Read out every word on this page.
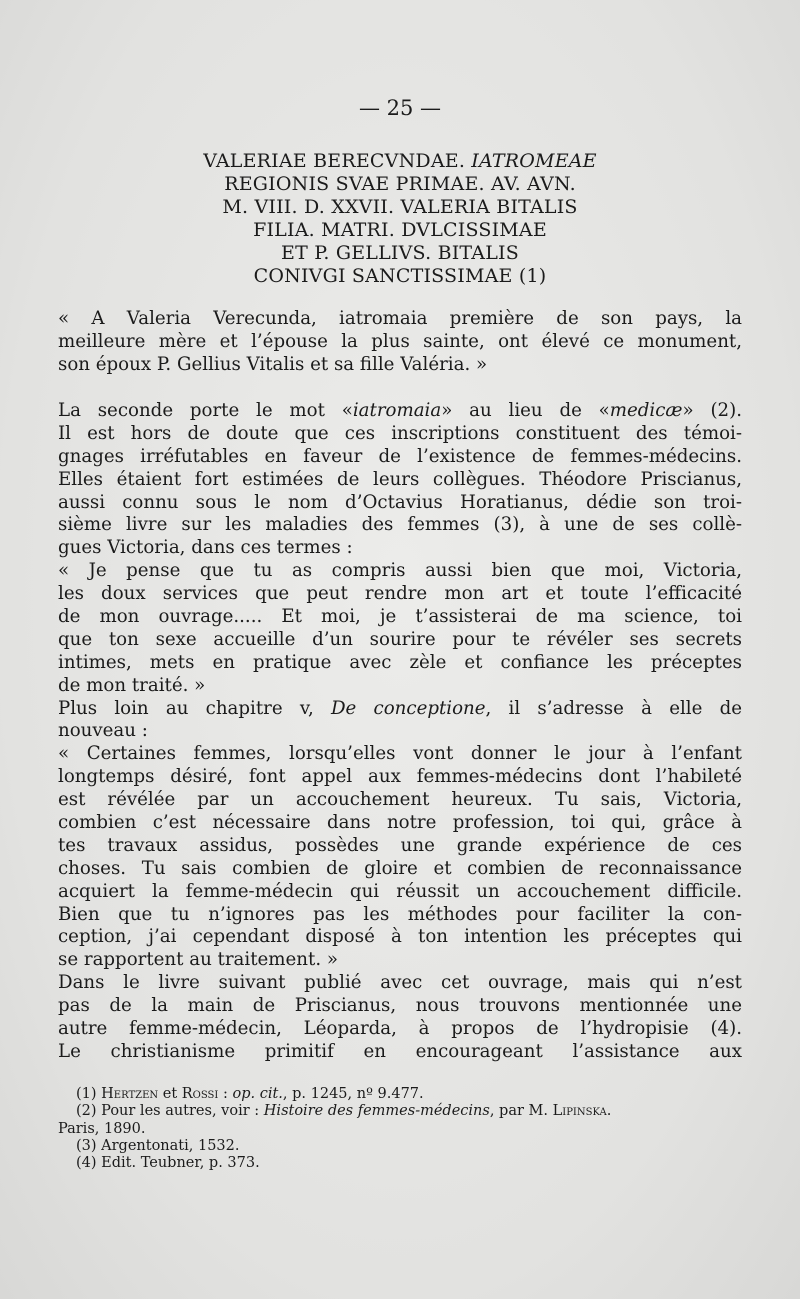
— 25 —
VALERIAE BERECVNDAE. IATROMEAE
REGIONIS SVAE PRIMAE. AV. AVN.
M. VIII. D. XXVII. VALERIA BITALIS
FILIA. MATRI. DVLCISSIMAE
ET P. GELLIVS. BITALIS
CONIVGI SANCTISSIMAE (1)
« A Valeria Verecunda, iatromaia première de son pays, la
meilleure mère et l’épouse la plus sainte, ont élevé ce monument,
son époux P. Gellius Vitalis et sa fille Valéria. »
La seconde porte le mot «iatromaia» au lieu de «medicæ» (2).
Il est hors de doute que ces inscriptions constituent des témoi-
gnages irréfutables en faveur de l’existence de femmes-médecins.
Elles étaient fort estimées de leurs collègues. Théodore Priscianus,
aussi connu sous le nom d’Octavius Horatianus, dédie son troi-
sième livre sur les maladies des femmes (3), à une de ses collè-
gues Victoria, dans ces termes :
« Je pense que tu as compris aussi bien que moi, Victoria,
les doux services que peut rendre mon art et toute l’efficacité
de mon ouvrage..... Et moi, je t’assisterai de ma science, toi
que ton sexe accueille d’un sourire pour te révéler ses secrets
intimes, mets en pratique avec zèle et confiance les préceptes
de mon traité. »
Plus loin au chapitre v, De conceptione, il s’adresse à elle de
nouveau :
« Certaines femmes, lorsqu’elles vont donner le jour à l’enfant
longtemps désiré, font appel aux femmes-médecins dont l’habileté
est révélée par un accouchement heureux. Tu sais, Victoria,
combien c’est nécessaire dans notre profession, toi qui, grâce à
tes travaux assidus, possèdes une grande expérience de ces
choses. Tu sais combien de gloire et combien de reconnaissance
acquiert la femme-médecin qui réussit un accouchement difficile.
Bien que tu n’ignores pas les méthodes pour faciliter la con-
ception, j’ai cependant disposé à ton intention les préceptes qui
se rapportent au traitement. »
Dans le livre suivant publié avec cet ouvrage, mais qui n’est
pas de la main de Priscianus, nous trouvons mentionnée une
autre femme-médecin, Léoparda, à propos de l’hydropisie (4).
Le christianisme primitif en encourageant l’assistance aux
(1) Hertzen et Rossi : op. cit., p. 1245, nº 9.477.
(2) Pour les autres, voir : Histoire des femmes-médecins, par M. Lipinska.
Paris, 1890.
(3) Argentonati, 1532.
(4) Edit. Teubner, p. 373.
